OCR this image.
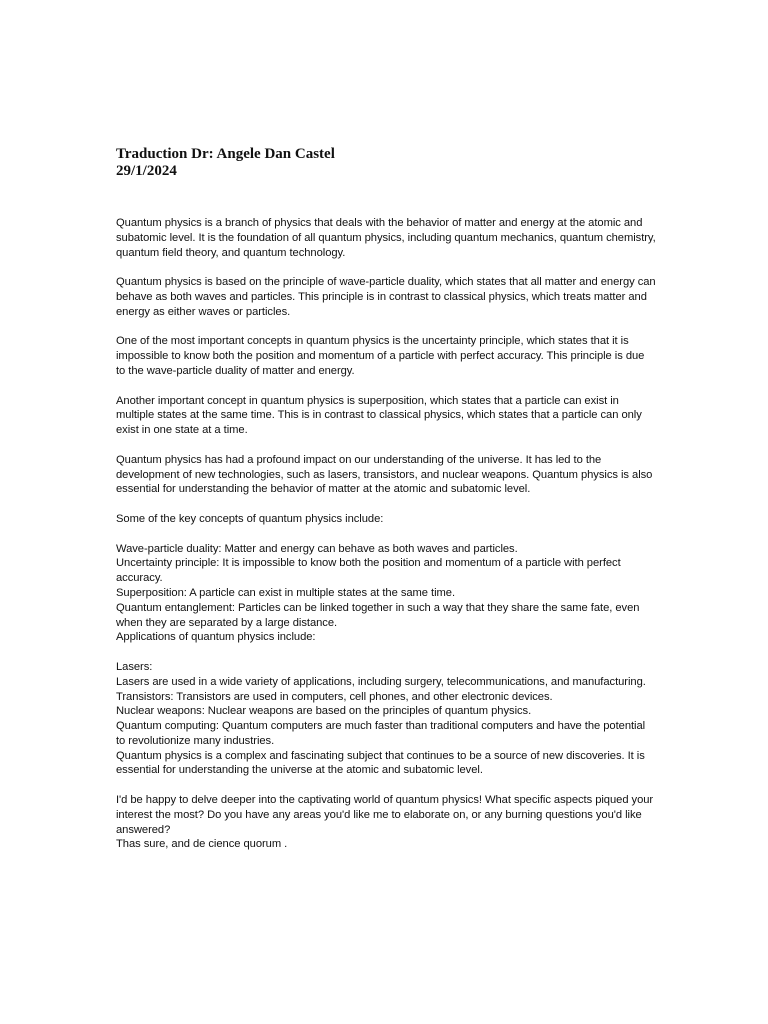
Traduction Dr: Angele Dan Castel

29/1/2024

Quantum physics is a branch of physics that deals with the behavior of matter and energy at the atomic and subatomic level. It is the foundation of all quantum physics, including quantum mechanics, quantum chemistry, quantum field theory, and quantum technology.

Quantum physics is based on the principle of wave-particle duality, which states that all matter and energy can behave as both waves and particles. This principle is in contrast to classical physics, which treats matter and energy as either waves or particles.

One of the most important concepts in quantum physics is the uncertainty principle, which states that it is impossible to know both the position and momentum of a particle with perfect accuracy. This principle is due to the wave-particle duality of matter and energy.

Another important concept in quantum physics is superposition, which states that a particle can exist in multiple states at the same time. This is in contrast to classical physics, which states that a particle can only exist in one state at a time.

Quantum physics has had a profound impact on our understanding of the universe. It has led to the development of new technologies, such as lasers, transistors, and nuclear weapons. Quantum physics is also essential for understanding the behavior of matter at the atomic and subatomic level.

Some of the key concepts of quantum physics include:

Wave-particle duality: Matter and energy can behave as both waves and particles.

Uncertainty principle: It is impossible to know both the position and momentum of a particle with perfect accuracy.

Superposition: A particle can exist in multiple states at the same time.

Quantum entanglement: Particles can be linked together in such a way that they share the same fate, even when they are separated by a large distance.

Applications of quantum physics include:

Lasers:

Lasers are used in a wide variety of applications, including surgery, telecommunications, and manufacturing.

Transistors: Transistors are used in computers, cell phones, and other electronic devices.

Nuclear weapons: Nuclear weapons are based on the principles of quantum physics.

Quantum computing: Quantum computers are much faster than traditional computers and have the potential to revolutionize many industries.

Quantum physics is a complex and fascinating subject that continues to be a source of new discoveries. It is essential for understanding the universe at the atomic and subatomic level.

I'd be happy to delve deeper into the captivating world of quantum physics! What specific aspects piqued your interest the most? Do you have any areas you'd like me to elaborate on, or any burning questions you'd like answered?

Thas sure, and de cience quorum .
